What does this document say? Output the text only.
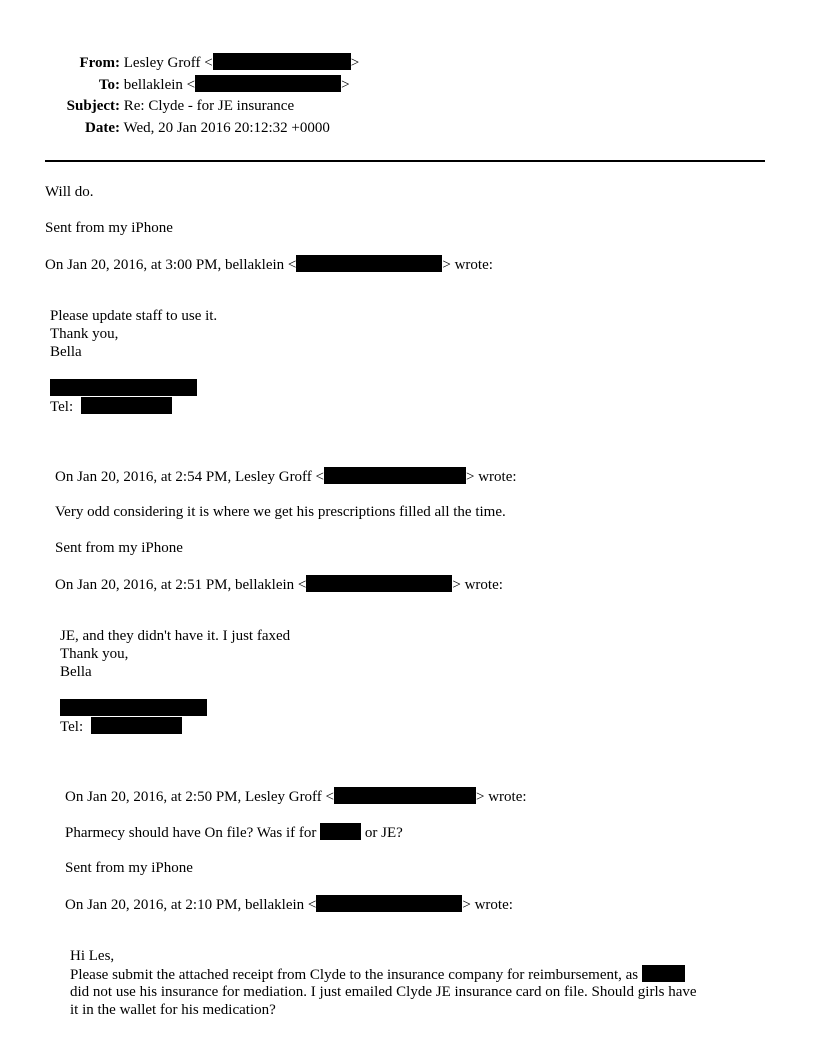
From: Lesley Groff <	>
To: bellaklein <	>
Subject: Re: Clyde - for JE insurance
Date: Wed, 20 Jan 2016 20:12:32 +0000
Will do.
Sent from my iPhone
On Jan 20, 2016, at 3:00 PM, bellaklein <	> wrote:
Please update staff to use it.
Thank you,
Bella
Tel:
On Jan 20, 2016, at 2:54 PM, Lesley Groff <	> wrote:
Very odd considering it is where we get his prescriptions filled all the time.
Sent from my iPhone
On Jan 20, 2016, at 2:51 PM, bellaklein <	> wrote:
JE, and they didn't have it. I just faxed
Thank you,
Bella
Tel:
On Jan 20, 2016, at 2:50 PM, Lesley Groff <	> wrote:
Pharmecy should have On file? Was if for	or JE?
Sent from my iPhone
On Jan 20, 2016, at 2:10 PM, bellaklein <	> wrote:
Hi Les,
Please submit the attached receipt from Clyde to the insurance company for reimbursement, as
did not use his insurance for mediation. I just emailed Clyde JE insurance card on file. Should girls have
it in the wallet for his medication?
